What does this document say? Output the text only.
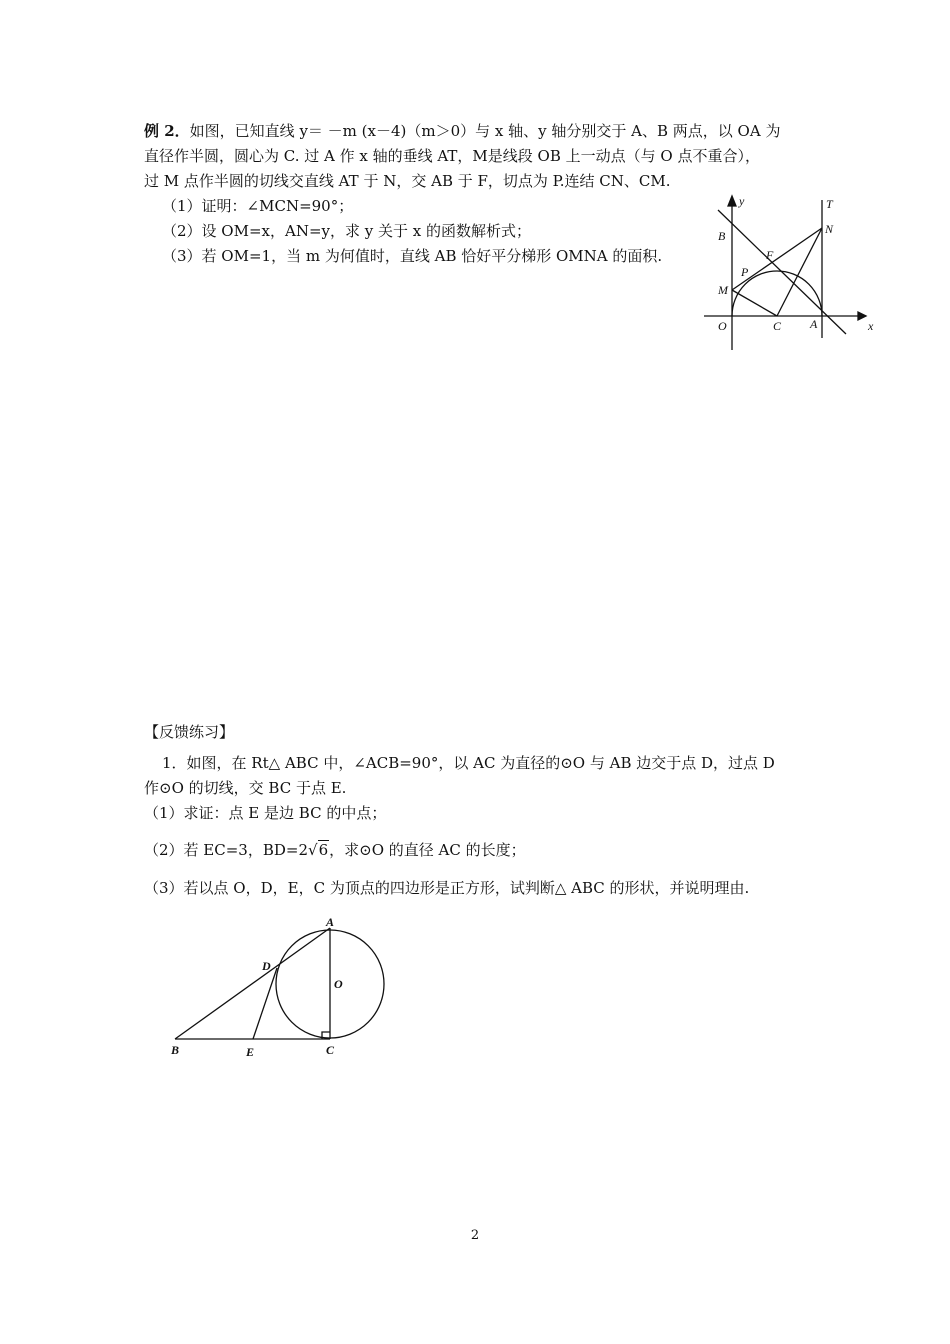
例 2．如图，已知直线 y＝ －m (x－4)（m＞0）与 x 轴、y 轴分别交于 A、B 两点，以 OA 为
直径作半圆，圆心为 C. 过 A 作 x 轴的垂线 AT，M是线段 OB 上一动点（与 O 点不重合），
过 M 点作半圆的切线交直线 AT 于 N，交 AB 于 F，切点为 P.连结 CN、CM.
（1）证明：∠MCN=90°；
（2）设 OM=x，AN=y，求 y 关于 x 的函数解析式；
（3）若 OM=1，当 m 为何值时，直线 AB 恰好平分梯形 OMNA 的面积.
y	T
B	N
F
P
M
O	C A	x
【反馈练习】
1．如图，在 Rt△ ABC 中，∠ACB=90°，以 AC 为直径的⊙O 与 AB 边交于点 D，过点 D
作⊙O 的切线，交 BC 于点 E.
（1）求证：点 E 是边 BC 的中点；
（2）若 EC=3，BD=2√6，求⊙O 的直径 AC 的长度；
（3）若以点 O，D，E，C 为顶点的四边形是正方形，试判断△ ABC 的形状，并说明理由.
A
D
O
B	E	C
2
